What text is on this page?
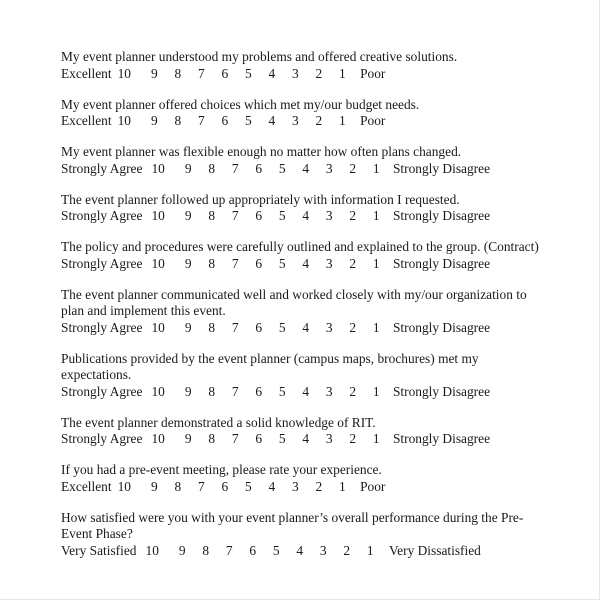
My event planner understood my problems and offered creative solutions.
Excellent 10	9	8	7	6	5	4	3	2	1	Poor
My event planner offered choices which met my/our budget needs.
Excellent 10	9	8	7	6	5	4	3	2	1	Poor
My event planner was flexible enough no matter how often plans changed.
Strongly Agree 10	9	8	7	6	5	4	3	2	1	Strongly Disagree
The event planner followed up appropriately with information I requested.
Strongly Agree 10	9	8	7	6	5	4	3	2	1	Strongly Disagree
The policy and procedures were carefully outlined and explained to the group. (Contract)
Strongly Agree 10	9	8	7	6	5	4	3	2	1	Strongly Disagree
The event planner communicated well and worked closely with my/our organization to
plan and implement this event.
Strongly Agree 10	9	8	7	6	5	4	3	2	1	Strongly Disagree
Publications provided by the event planner (campus maps, brochures) met my
expectations.
Strongly Agree 10	9	8	7	6	5	4	3	2	1	Strongly Disagree
The event planner demonstrated a solid knowledge of RIT.
Strongly Agree 10	9	8	7	6	5	4	3	2	1	Strongly Disagree
If you had a pre-event meeting, please rate your experience.
Excellent 10	9	8	7	6	5	4	3	2	1	Poor
How satisfied were you with your event planner’s overall performance during the Pre-
Event Phase?
Very Satisfied 10	9	8	7	6	5	4	3	2	1	Very Dissatisfied
